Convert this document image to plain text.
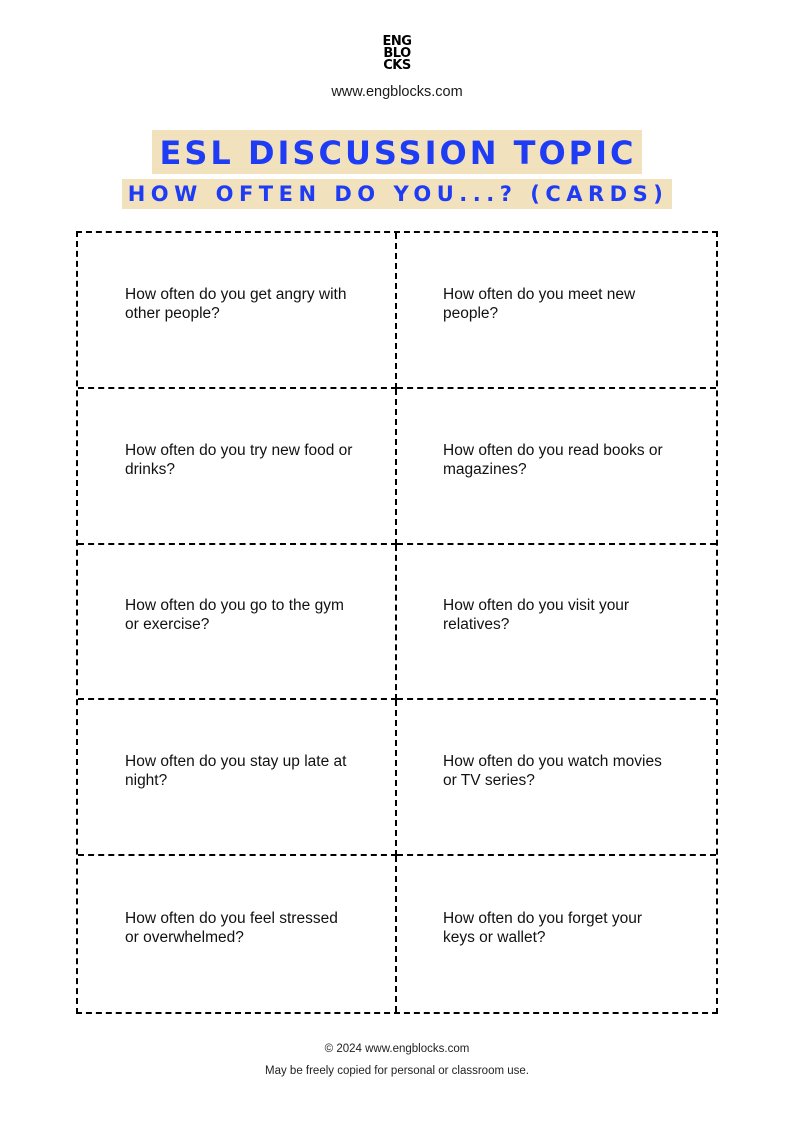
ENG
BLO
CKS
www.engblocks.com
ESL DISCUSSION TOPIC
HOW OFTEN DO YOU...? (CARDS)
How often do you get angry with other people?
How often do you meet new people?
How often do you try new food or drinks?
How often do you read books or magazines?
How often do you go to the gym or exercise?
How often do you visit your relatives?
How often do you stay up late at night?
How often do you watch movies or TV series?
How often do you feel stressed or overwhelmed?
How often do you forget your keys or wallet?
© 2024 www.engblocks.com
May be freely copied for personal or classroom use.
